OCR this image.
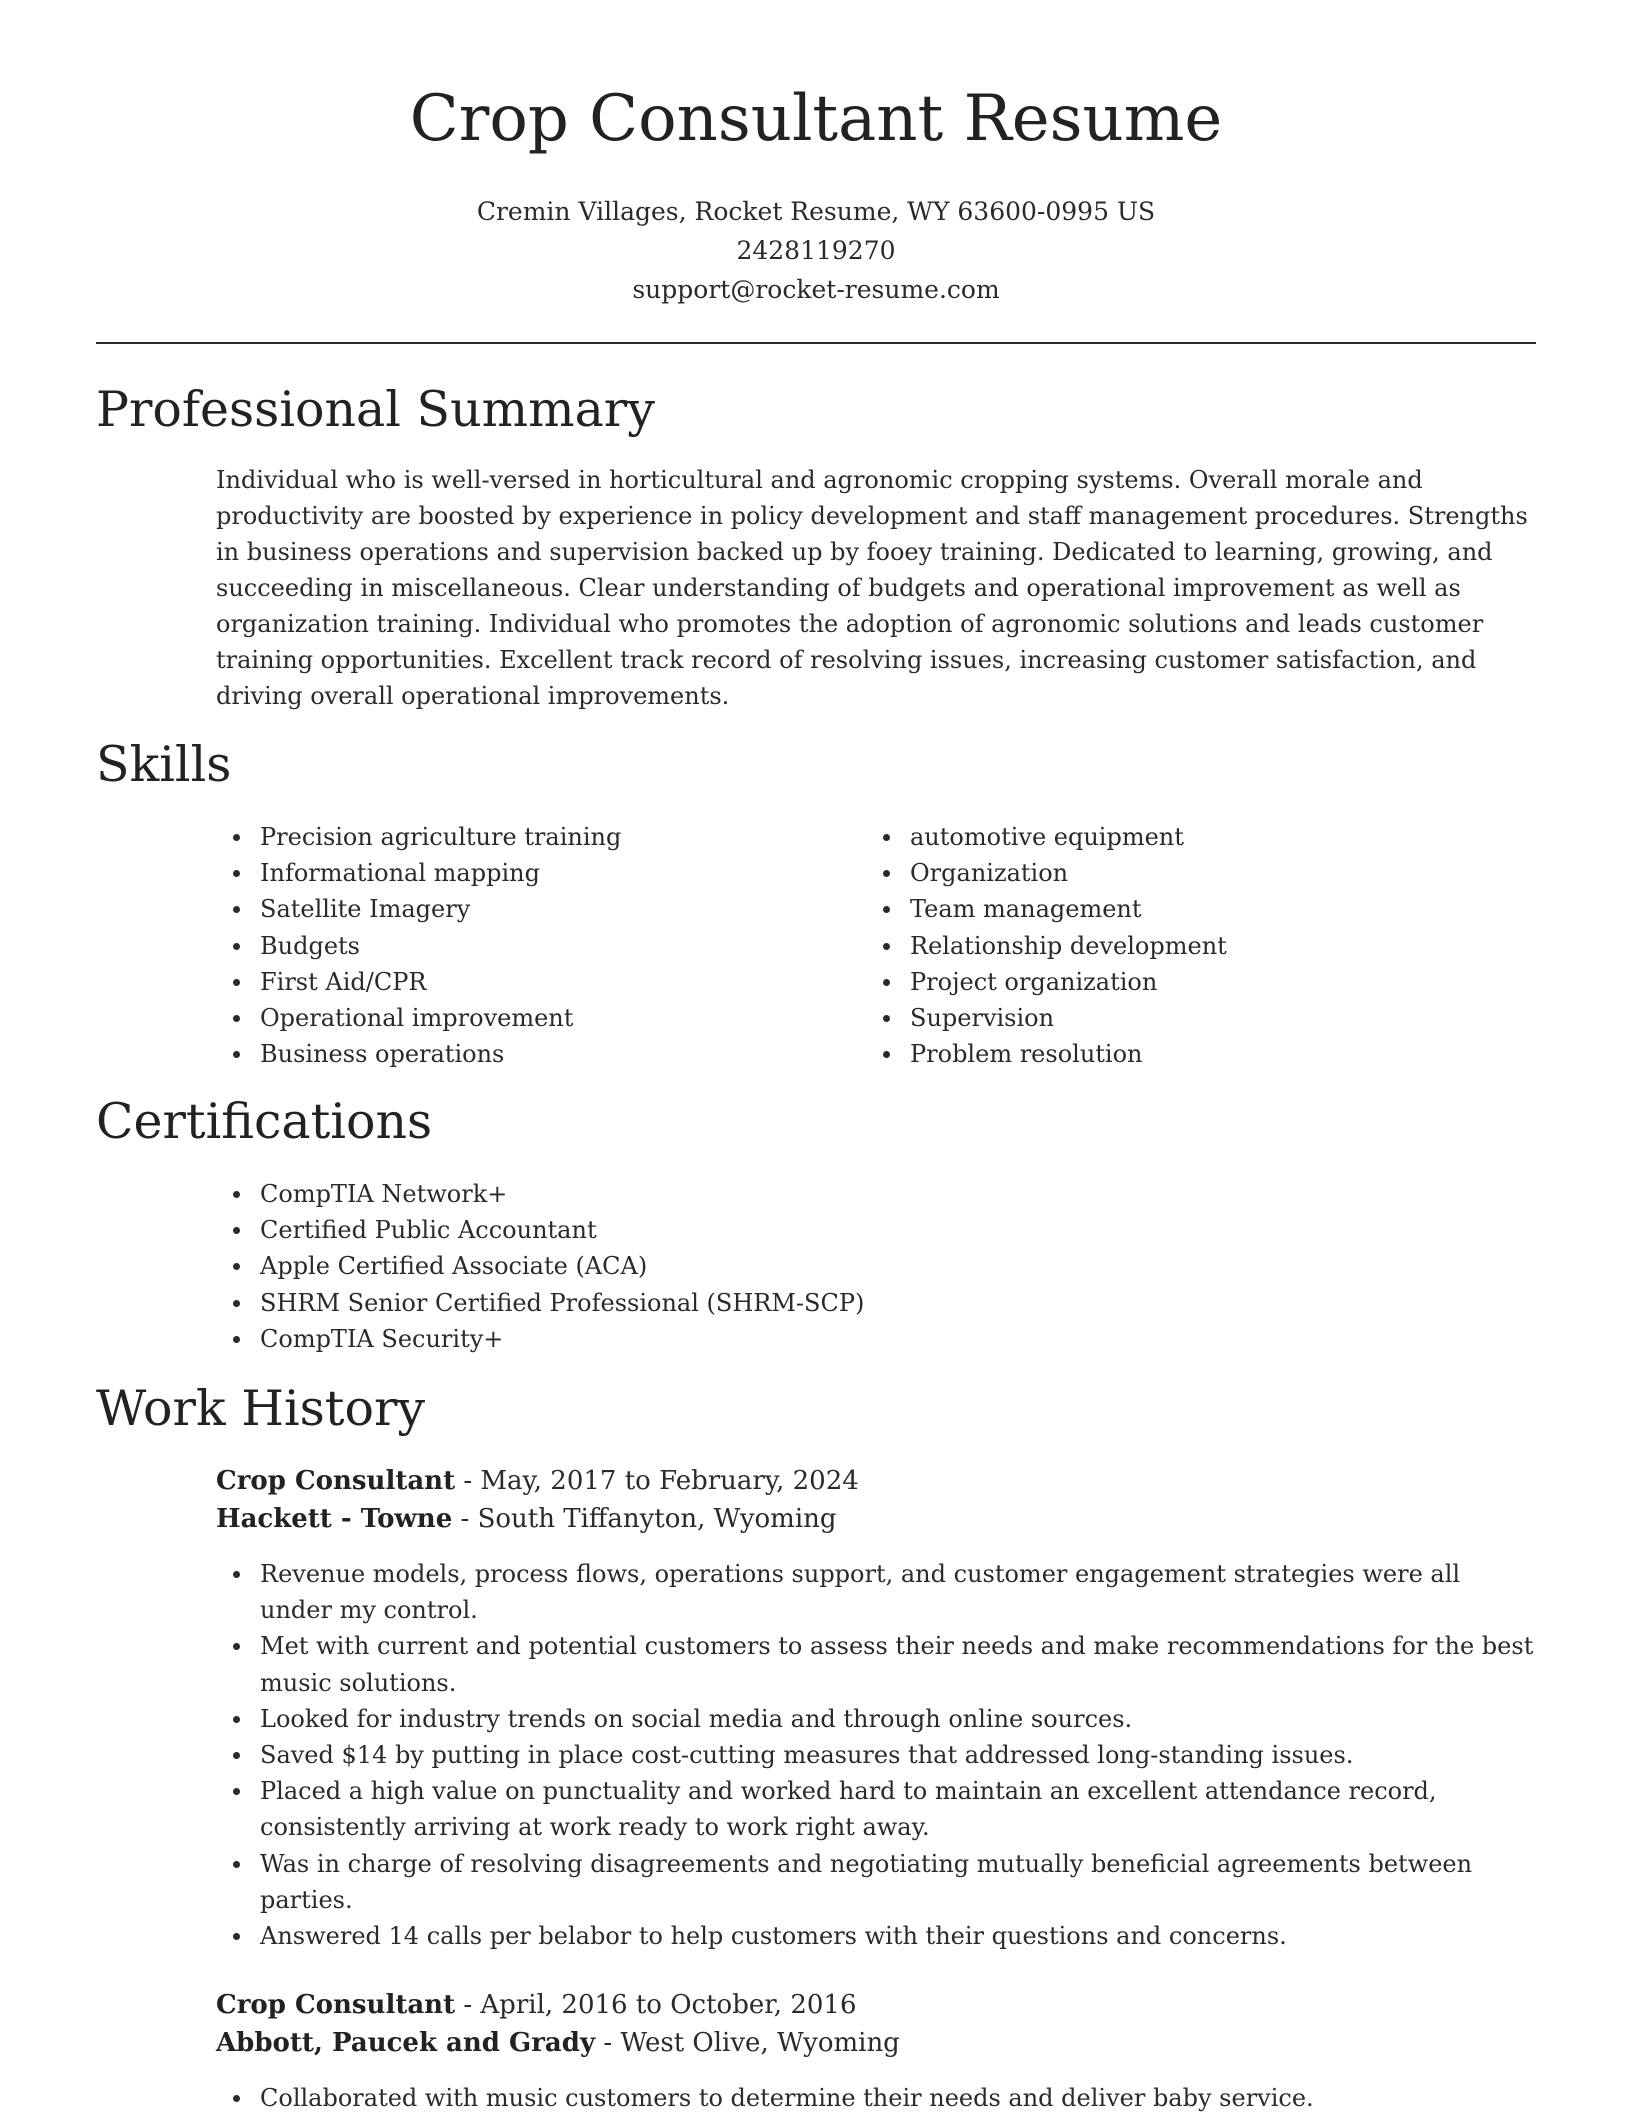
Crop Consultant Resume
Cremin Villages, Rocket Resume, WY 63600-0995 US
2428119270
support@rocket-resume.com
Professional Summary

Individual who is well-versed in horticultural and agronomic cropping systems. Overall morale and productivity are boosted by experience in policy development and staff management procedures. Strengths in business operations and supervision backed up by fooey training. Dedicated to learning, growing, and succeeding in miscellaneous. Clear understanding of budgets and operational improvement as well as organization training. Individual who promotes the adoption of agronomic solutions and leads customer training opportunities. Excellent track record of resolving issues, increasing customer satisfaction, and driving overall operational improvements.

Skills
Precision agriculture training
Informational mapping
Satellite Imagery
Budgets
First Aid/CPR
Operational improvement
Business operations
automotive equipment
Organization
Team management
Relationship development
Project organization
Supervision
Problem resolution
Certifications
CompTIA Network+
Certified Public Accountant
Apple Certified Associate (ACA)
SHRM Senior Certified Professional (SHRM-SCP)
CompTIA Security+
Work History
Crop Consultant - May, 2017 to February, 2024
Hackett - Towne - South Tiffanyton, Wyoming
Revenue models, process flows, operations support, and customer engagement strategies were all under my control.
Met with current and potential customers to assess their needs and make recommendations for the best music solutions.
Looked for industry trends on social media and through online sources.
Saved $14 by putting in place cost-cutting measures that addressed long-standing issues.
Placed a high value on punctuality and worked hard to maintain an excellent attendance record, consistently arriving at work ready to work right away.
Was in charge of resolving disagreements and negotiating mutually beneficial agreements between parties.
Answered 14 calls per belabor to help customers with their questions and concerns.
Crop Consultant - April, 2016 to October, 2016
Abbott, Paucek and Grady - West Olive, Wyoming
Collaborated with music customers to determine their needs and deliver baby service.
